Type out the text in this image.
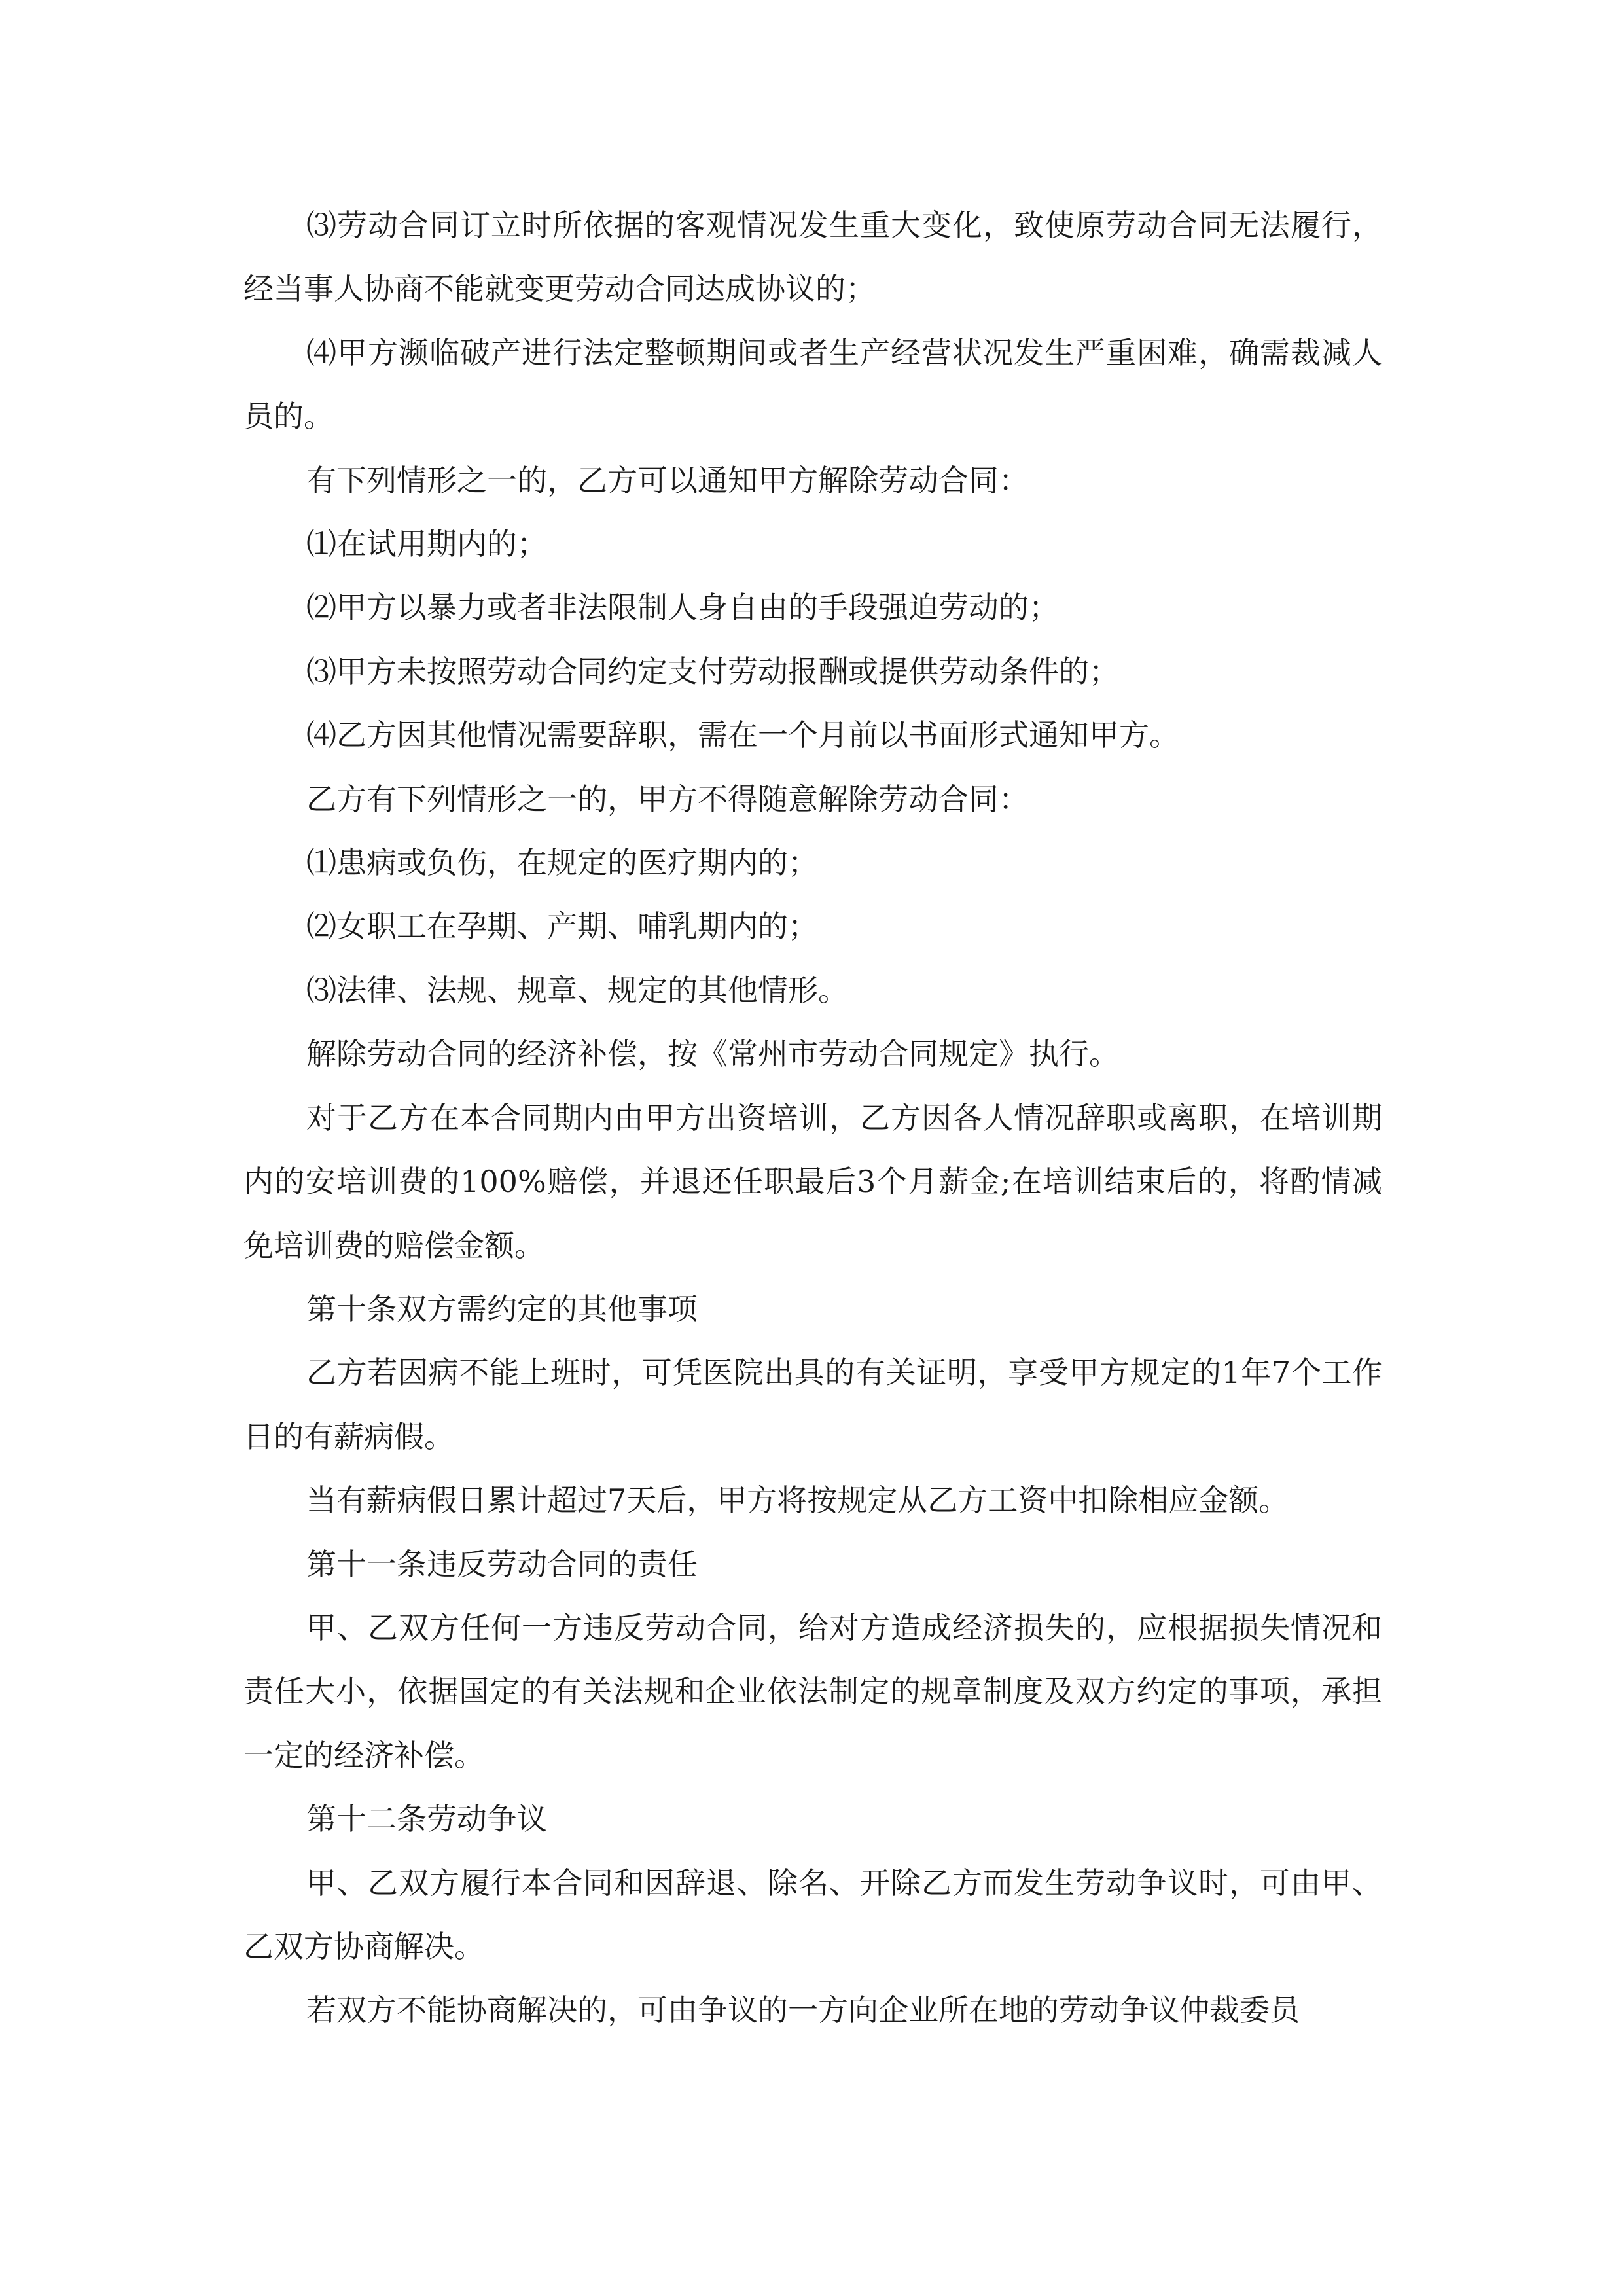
⑶劳动合同订立时所依据的客观情况发生重大变化，致使原劳动合同无法履行，经当事人协商不能就变更劳动合同达成协议的；

⑷甲方濒临破产进行法定整顿期间或者生产经营状况发生严重困难，确需裁减人员的。

有下列情形之一的，乙方可以通知甲方解除劳动合同：

⑴在试用期内的；

⑵甲方以暴力或者非法限制人身自由的手段强迫劳动的；

⑶甲方未按照劳动合同约定支付劳动报酬或提供劳动条件的；

⑷乙方因其他情况需要辞职，需在一个月前以书面形式通知甲方。

乙方有下列情形之一的，甲方不得随意解除劳动合同：

⑴患病或负伤，在规定的医疗期内的；

⑵女职工在孕期、产期、哺乳期内的；

⑶法律、法规、规章、规定的其他情形。

解除劳动合同的经济补偿，按《常州市劳动合同规定》执行。

对于乙方在本合同期内由甲方出资培训，乙方因各人情况辞职或离职，在培训期内的安培训费的100%赔偿，并退还任职最后3个月薪金;在培训结束后的，将酌情减免培训费的赔偿金额。

第十条双方需约定的其他事项

乙方若因病不能上班时，可凭医院出具的有关证明，享受甲方规定的1年7个工作日的有薪病假。

当有薪病假日累计超过7天后，甲方将按规定从乙方工资中扣除相应金额。

第十一条违反劳动合同的责任

甲、乙双方任何一方违反劳动合同，给对方造成经济损失的，应根据损失情况和责任大小，依据国定的有关法规和企业依法制定的规章制度及双方约定的事项，承担一定的经济补偿。

第十二条劳动争议

甲、乙双方履行本合同和因辞退、除名、开除乙方而发生劳动争议时，可由甲、乙双方协商解决。

若双方不能协商解决的，可由争议的一方向企业所在地的劳动争议仲裁委员
